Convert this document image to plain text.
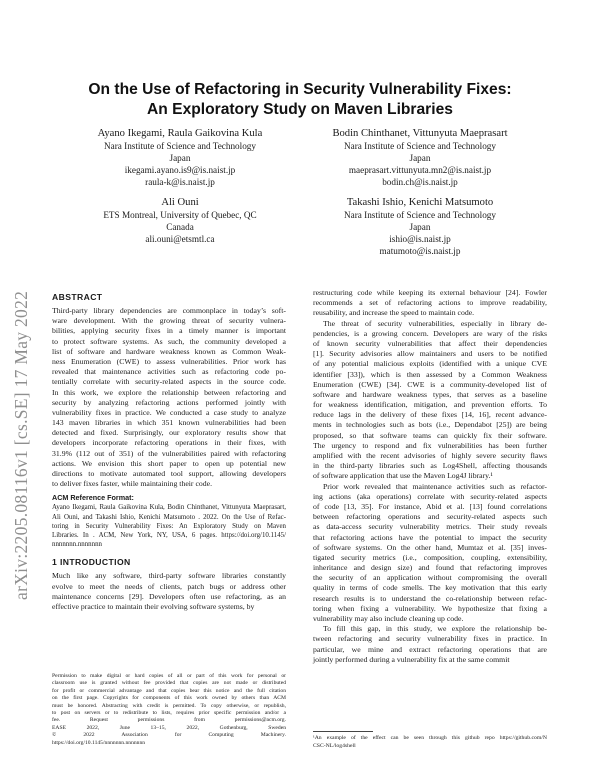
arXiv:2205.08116v1 [cs.SE] 17 May 2022
On the Use of Refactoring in Security Vulnerability Fixes:
An Exploratory Study on Maven Libraries
Ayano Ikegami, Raula Gaikovina Kula
Nara Institute of Science and Technology
Japan
ikegami.ayano.is9@is.naist.jp
raula-k@is.naist.jp
Bodin Chinthanet, Vittunyuta Maeprasart
Nara Institute of Science and Technology
Japan
maeprasart.vittunyuta.mn2@is.naist.jp
bodin.ch@is.naist.jp
Ali Ouni
ETS Montreal, University of Quebec, QC
Canada
ali.ouni@etsmtl.ca
Takashi Ishio, Kenichi Matsumoto
Nara Institute of Science and Technology
Japan
ishio@is.naist.jp
matumoto@is.naist.jp
ABSTRACT
Third-party library dependencies are commonplace in today’s soft-
ware development. With the growing threat of security vulnera-
bilities, applying security fixes in a timely manner is important
to protect software systems. As such, the community developed a
list of software and hardware weakness known as Common Weak-
ness Enumeration (CWE) to assess vulnerabilities. Prior work has
revealed that maintenance activities such as refactoring code po-
tentially correlate with security-related aspects in the source code.
In this work, we explore the relationship between refactoring and
security by analyzing refactoring actions performed jointly with
vulnerability fixes in practice. We conducted a case study to analyze
143 maven libraries in which 351 known vulnerabilities had been
detected and fixed. Surprisingly, our exploratory results show that
developers incorporate refactoring operations in their fixes, with
31.9% (112 out of 351) of the vulnerabilities paired with refactoring
actions. We envision this short paper to open up potential new
directions to motivate automated tool support, allowing developers
to deliver fixes faster, while maintaining their code.
ACM Reference Format:
Ayano Ikegami, Raula Gaikovina Kula, Bodin Chinthanet, Vittunyuta Maeprasart,
Ali Ouni, and Takashi Ishio, Kenichi Matsumoto . 2022. On the Use of Refac-
toring in Security Vulnerability Fixes: An Exploratory Study on Maven
Libraries. In . ACM, New York, NY, USA, 6 pages. https://doi.org/10.1145/
nnnnnnn.nnnnnnn
1 INTRODUCTION
Much like any software, third-party software libraries constantly
evolve to meet the needs of clients, patch bugs or address other
maintenance concerns [29]. Developers often use refactoring, as an
effective practice to maintain their evolving software systems, by
Permission to make digital or hard copies of all or part of this work for personal or
classroom use is granted without fee provided that copies are not made or distributed
for profit or commercial advantage and that copies bear this notice and the full citation
on the first page. Copyrights for components of this work owned by others than ACM
must be honored. Abstracting with credit is permitted. To copy otherwise, or republish,
to post on servers or to redistribute to lists, requires prior specific permission and/or a
fee. Request permissions from permissions@acm.org.
EASE 2022, June 13–15, 2022, Gothenburg, Sweden
© 2022 Association for Computing Machinery.
https://doi.org/10.1145/nnnnnnn.nnnnnnn
restructuring code while keeping its external behaviour [24]. Fowler
recommends a set of refactoring actions to improve readability,
reusability, and increase the speed to maintain code.
The threat of security vulnerabilities, especially in library de-
pendencies, is a growing concern. Developers are wary of the risks
of known security vulnerabilities that affect their dependencies
[1]. Security advisories allow maintainers and users to be notified
of any potential malicious exploits (identified with a unique CVE
identifier [33]), which is then assessed by a Common Weakness
Enumeration (CWE) [34]. CWE is a community-developed list of
software and hardware weakness types, that serves as a baseline
for weakness identification, mitigation, and prevention efforts. To
reduce lags in the delivery of these fixes [14, 16], recent advance-
ments in technologies such as bots (i.e., Dependabot [25]) are being
proposed, so that software teams can quickly fix their software.
The urgency to respond and fix vulnerabilities has been further
amplified with the recent advisories of highly severe security flaws
in the third-party libraries such as Log4Shell, affecting thousands
of software application that use the Maven Log4J library.¹
Prior work revealed that maintenance activities such as refactor-
ing actions (aka operations) correlate with security-related aspects
of code [13, 35]. For instance, Abid et al. [13] found correlations
between refactoring operations and security-related aspects such
as data-access security vulnerability metrics. Their study reveals
that refactoring actions have the potential to impact the security
of software systems. On the other hand, Mumtaz et al. [35] inves-
tigated security metrics (i.e., composition, coupling, extensibility,
inheritance and design size) and found that refactoring improves
the security of an application without compromising the overall
quality in terms of code smells. The key motivation that this early
research results is to understand the co-relationship between refac-
toring when fixing a vulnerability. We hypothesize that fixing a
vulnerability may also include cleaning up code.
To fill this gap, in this study, we explore the relationship be-
tween refactoring and security vulnerability fixes in practice. In
particular, we mine and extract refactoring operations that are
jointly performed during a vulnerability fix at the same commit
¹An example of the effect can be seen through this github repo https://github.com/N
CSC-NL/log4shell
